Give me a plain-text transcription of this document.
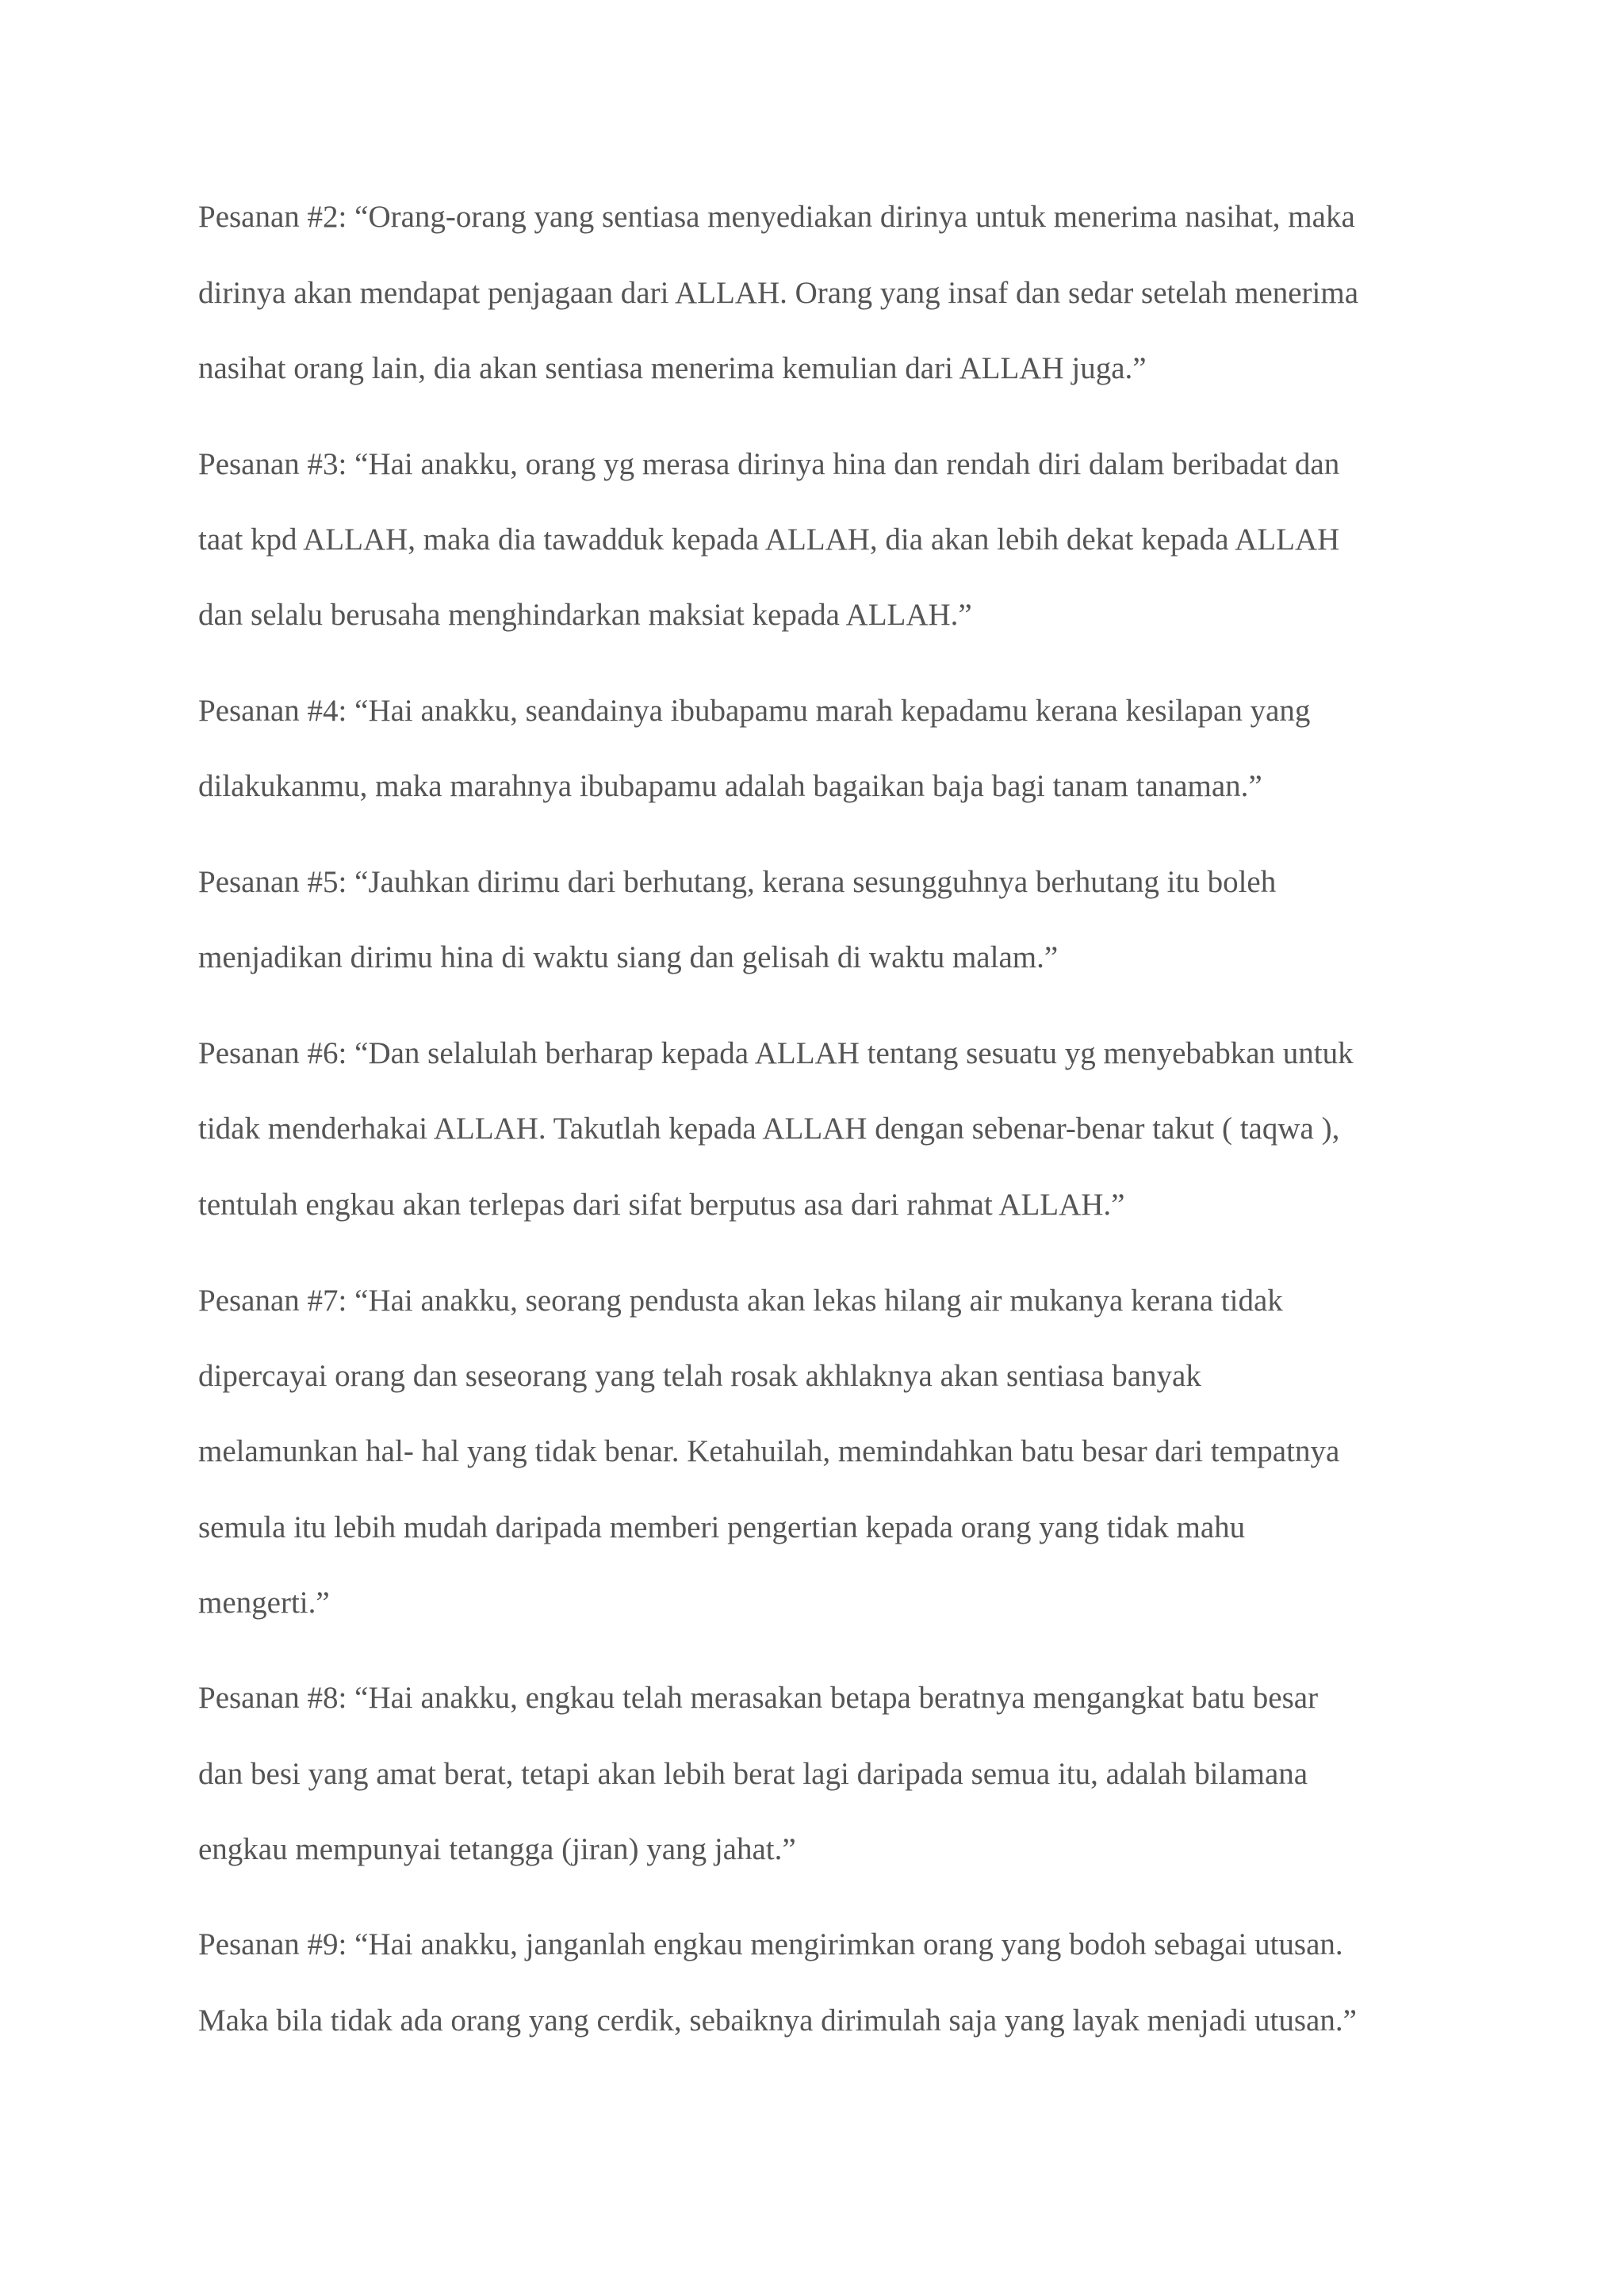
Pesanan #2: “Orang-orang yang sentiasa menyediakan dirinya untuk menerima nasihat, maka

dirinya akan mendapat penjagaan dari ALLAH. Orang yang insaf dan sedar setelah menerima

nasihat orang lain, dia akan sentiasa menerima kemulian dari ALLAH juga.”

Pesanan #3: “Hai anakku, orang yg merasa dirinya hina dan rendah diri dalam beribadat dan

taat kpd ALLAH, maka dia tawadduk kepada ALLAH, dia akan lebih dekat kepada ALLAH

dan selalu berusaha menghindarkan maksiat kepada ALLAH.”

Pesanan #4: “Hai anakku, seandainya ibubapamu marah kepadamu kerana kesilapan yang

dilakukanmu, maka marahnya ibubapamu adalah bagaikan baja bagi tanam tanaman.”

Pesanan #5: “Jauhkan dirimu dari berhutang, kerana sesungguhnya berhutang itu boleh

menjadikan dirimu hina di waktu siang dan gelisah di waktu malam.”

Pesanan #6: “Dan selalulah berharap kepada ALLAH tentang sesuatu yg menyebabkan untuk

tidak menderhakai ALLAH. Takutlah kepada ALLAH dengan sebenar-benar takut ( taqwa ),

tentulah engkau akan terlepas dari sifat berputus asa dari rahmat ALLAH.”

Pesanan #7: “Hai anakku, seorang pendusta akan lekas hilang air mukanya kerana tidak

dipercayai orang dan seseorang yang telah rosak akhlaknya akan sentiasa banyak

melamunkan hal- hal yang tidak benar. Ketahuilah, memindahkan batu besar dari tempatnya

semula itu lebih mudah daripada memberi pengertian kepada orang yang tidak mahu

mengerti.”

Pesanan #8: “Hai anakku, engkau telah merasakan betapa beratnya mengangkat batu besar

dan besi yang amat berat, tetapi akan lebih berat lagi daripada semua itu, adalah bilamana

engkau mempunyai tetangga (jiran) yang jahat.”

Pesanan #9: “Hai anakku, janganlah engkau mengirimkan orang yang bodoh sebagai utusan.

Maka bila tidak ada orang yang cerdik, sebaiknya dirimulah saja yang layak menjadi utusan.”
